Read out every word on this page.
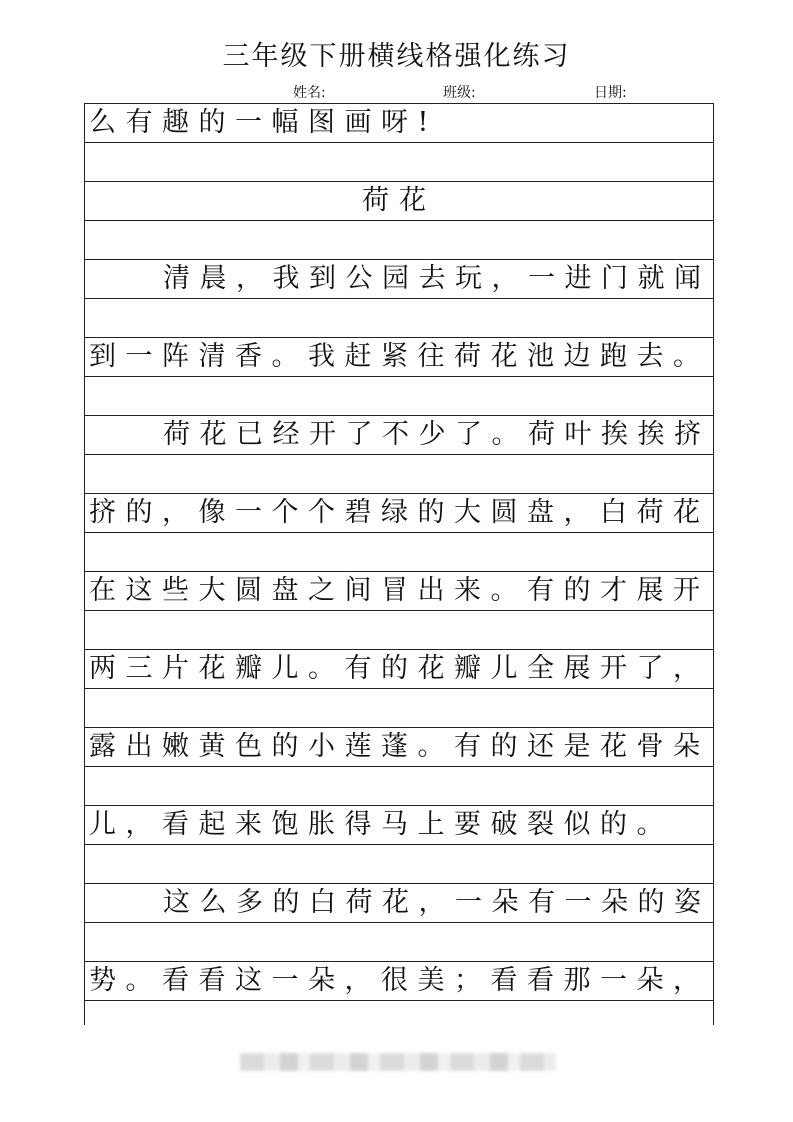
三年级下册横线格强化练习
姓名:	班级:	日期:
么有趣的一幅图画呀!
荷花
清晨，我到公园去玩，一进门就闻
到一阵清香。我赶紧往荷花池边跑去。
荷花已经开了不少了。荷叶挨挨挤
挤的，像一个个碧绿的大圆盘，白荷花
在这些大圆盘之间冒出来。有的才展开
两三片花瓣儿。有的花瓣儿全展开了，
露出嫩黄色的小莲蓬。有的还是花骨朵
儿，看起来饱胀得马上要破裂似的。
这么多的白荷花，一朵有一朵的姿
势。看看这一朵，很美；看看那一朵，
